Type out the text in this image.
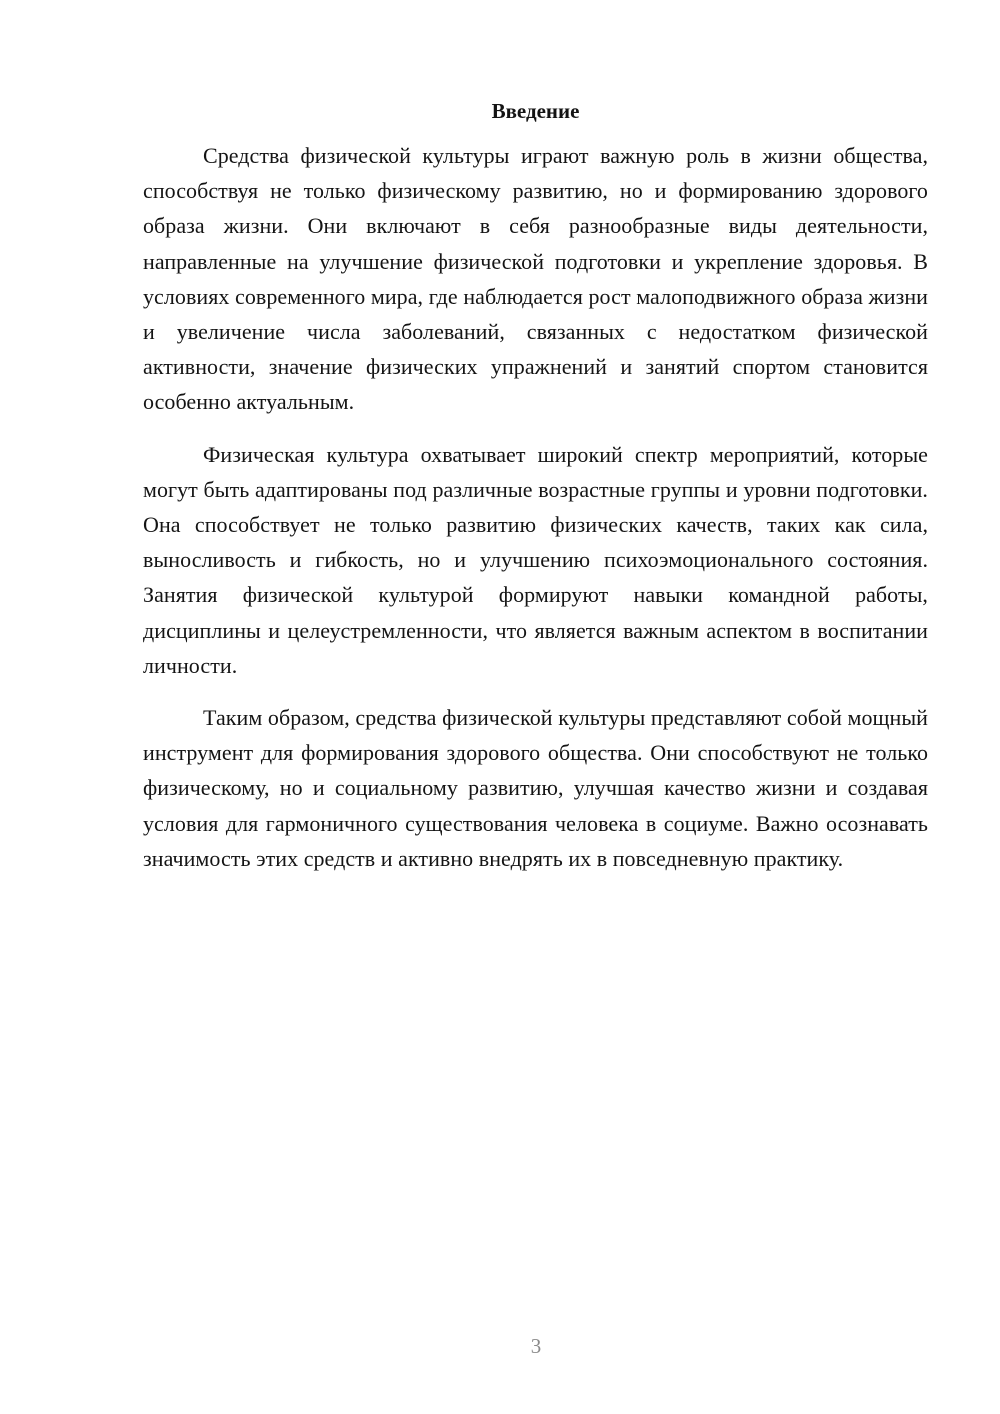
Введение

Средства физической культуры играют важную роль в жизни общества, способствуя не только физическому развитию, но и формированию здорового образа жизни. Они включают в себя разнообразные виды деятельности, направленные на улучшение физической подготовки и укрепление здоровья. В условиях современного мира, где наблюдается рост малоподвижного образа жизни и увеличение числа заболеваний, связанных с недостатком физической активности, значение физических упражнений и занятий спортом становится особенно актуальным.

Физическая культура охватывает широкий спектр мероприятий, которые могут быть адаптированы под различные возрастные группы и уровни подготовки. Она способствует не только развитию физических качеств, таких как сила, выносливость и гибкость, но и улучшению психоэмоционального состояния. Занятия физической культурой формируют навыки командной работы, дисциплины и целеустремленности, что является важным аспектом в воспитании личности.

Таким образом, средства физической культуры представляют собой мощный инструмент для формирования здорового общества. Они способствуют не только физическому, но и социальному развитию, улучшая качество жизни и создавая условия для гармоничного существования человека в социуме. Важно осознавать значимость этих средств и активно внедрять их в повседневную практику.

3
